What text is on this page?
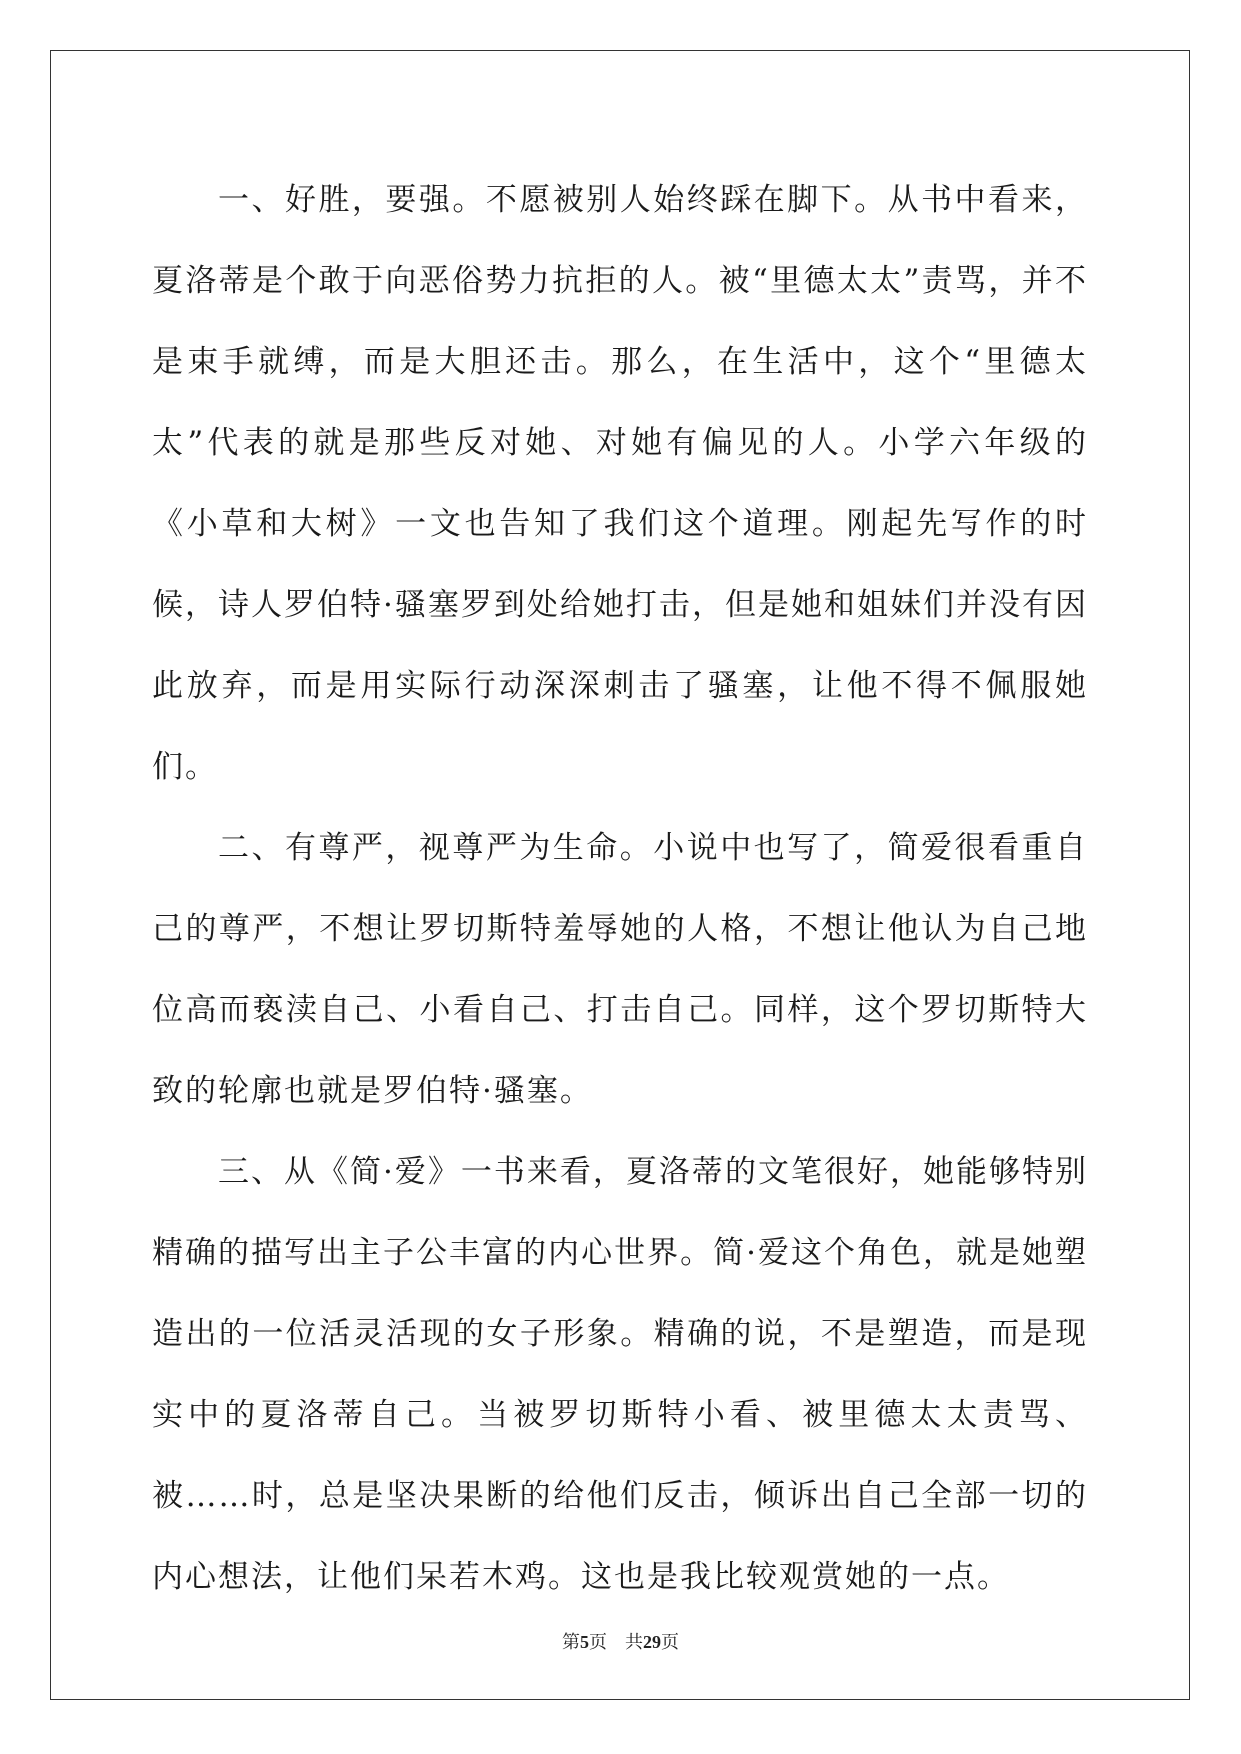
一、好胜，要强。不愿被别人始终踩在脚下。从书中看来，夏洛蒂是个敢于向恶俗势力抗拒的人。被“里德太太”责骂，并不是束手就缚，而是大胆还击。那么，在生活中，这个“里德太太”代表的就是那些反对她、对她有偏见的人。小学六年级的《小草和大树》一文也告知了我们这个道理。刚起先写作的时候，诗人罗伯特·骚塞罗到处给她打击，但是她和姐妹们并没有因此放弃，而是用实际行动深深刺击了骚塞，让他不得不佩服她们。

二、有尊严，视尊严为生命。小说中也写了，简爱很看重自己的尊严，不想让罗切斯特羞辱她的人格，不想让他认为自己地位高而亵渎自己、小看自己、打击自己。同样，这个罗切斯特大致的轮廓也就是罗伯特·骚塞。

三、从《简·爱》一书来看，夏洛蒂的文笔很好，她能够特别精确的描写出主子公丰富的内心世界。简·爱这个角色，就是她塑造出的一位活灵活现的女子形象。精确的说，不是塑造，而是现实中的夏洛蒂自己。当被罗切斯特小看、被里德太太责骂、被……时，总是坚决果断的给他们反击，倾诉出自己全部一切的内心想法，让他们呆若木鸡。这也是我比较观赏她的一点。

第5页 共29页
